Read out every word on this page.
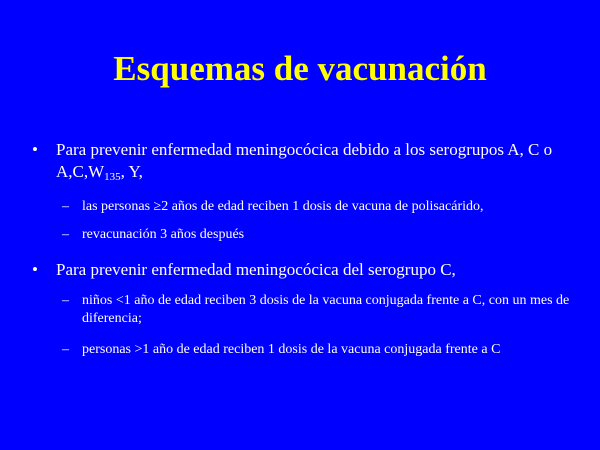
Esquemas de vacunación
•	Para prevenir enfermedad meningocócica debido a los serogrupos A, C o $A,C,W_{135}$, Y,
– las personas ≥2 años de edad reciben 1 dosis de vacuna de polisacárido,
– revacunación 3 años después
•	Para prevenir enfermedad meningocócica del serogrupo C,
– niños <1 año de edad reciben 3 dosis de la vacuna conjugada frente a C, con un mes de diferencia;
– personas >1 año de edad reciben 1 dosis de la vacuna conjugada frente a C
